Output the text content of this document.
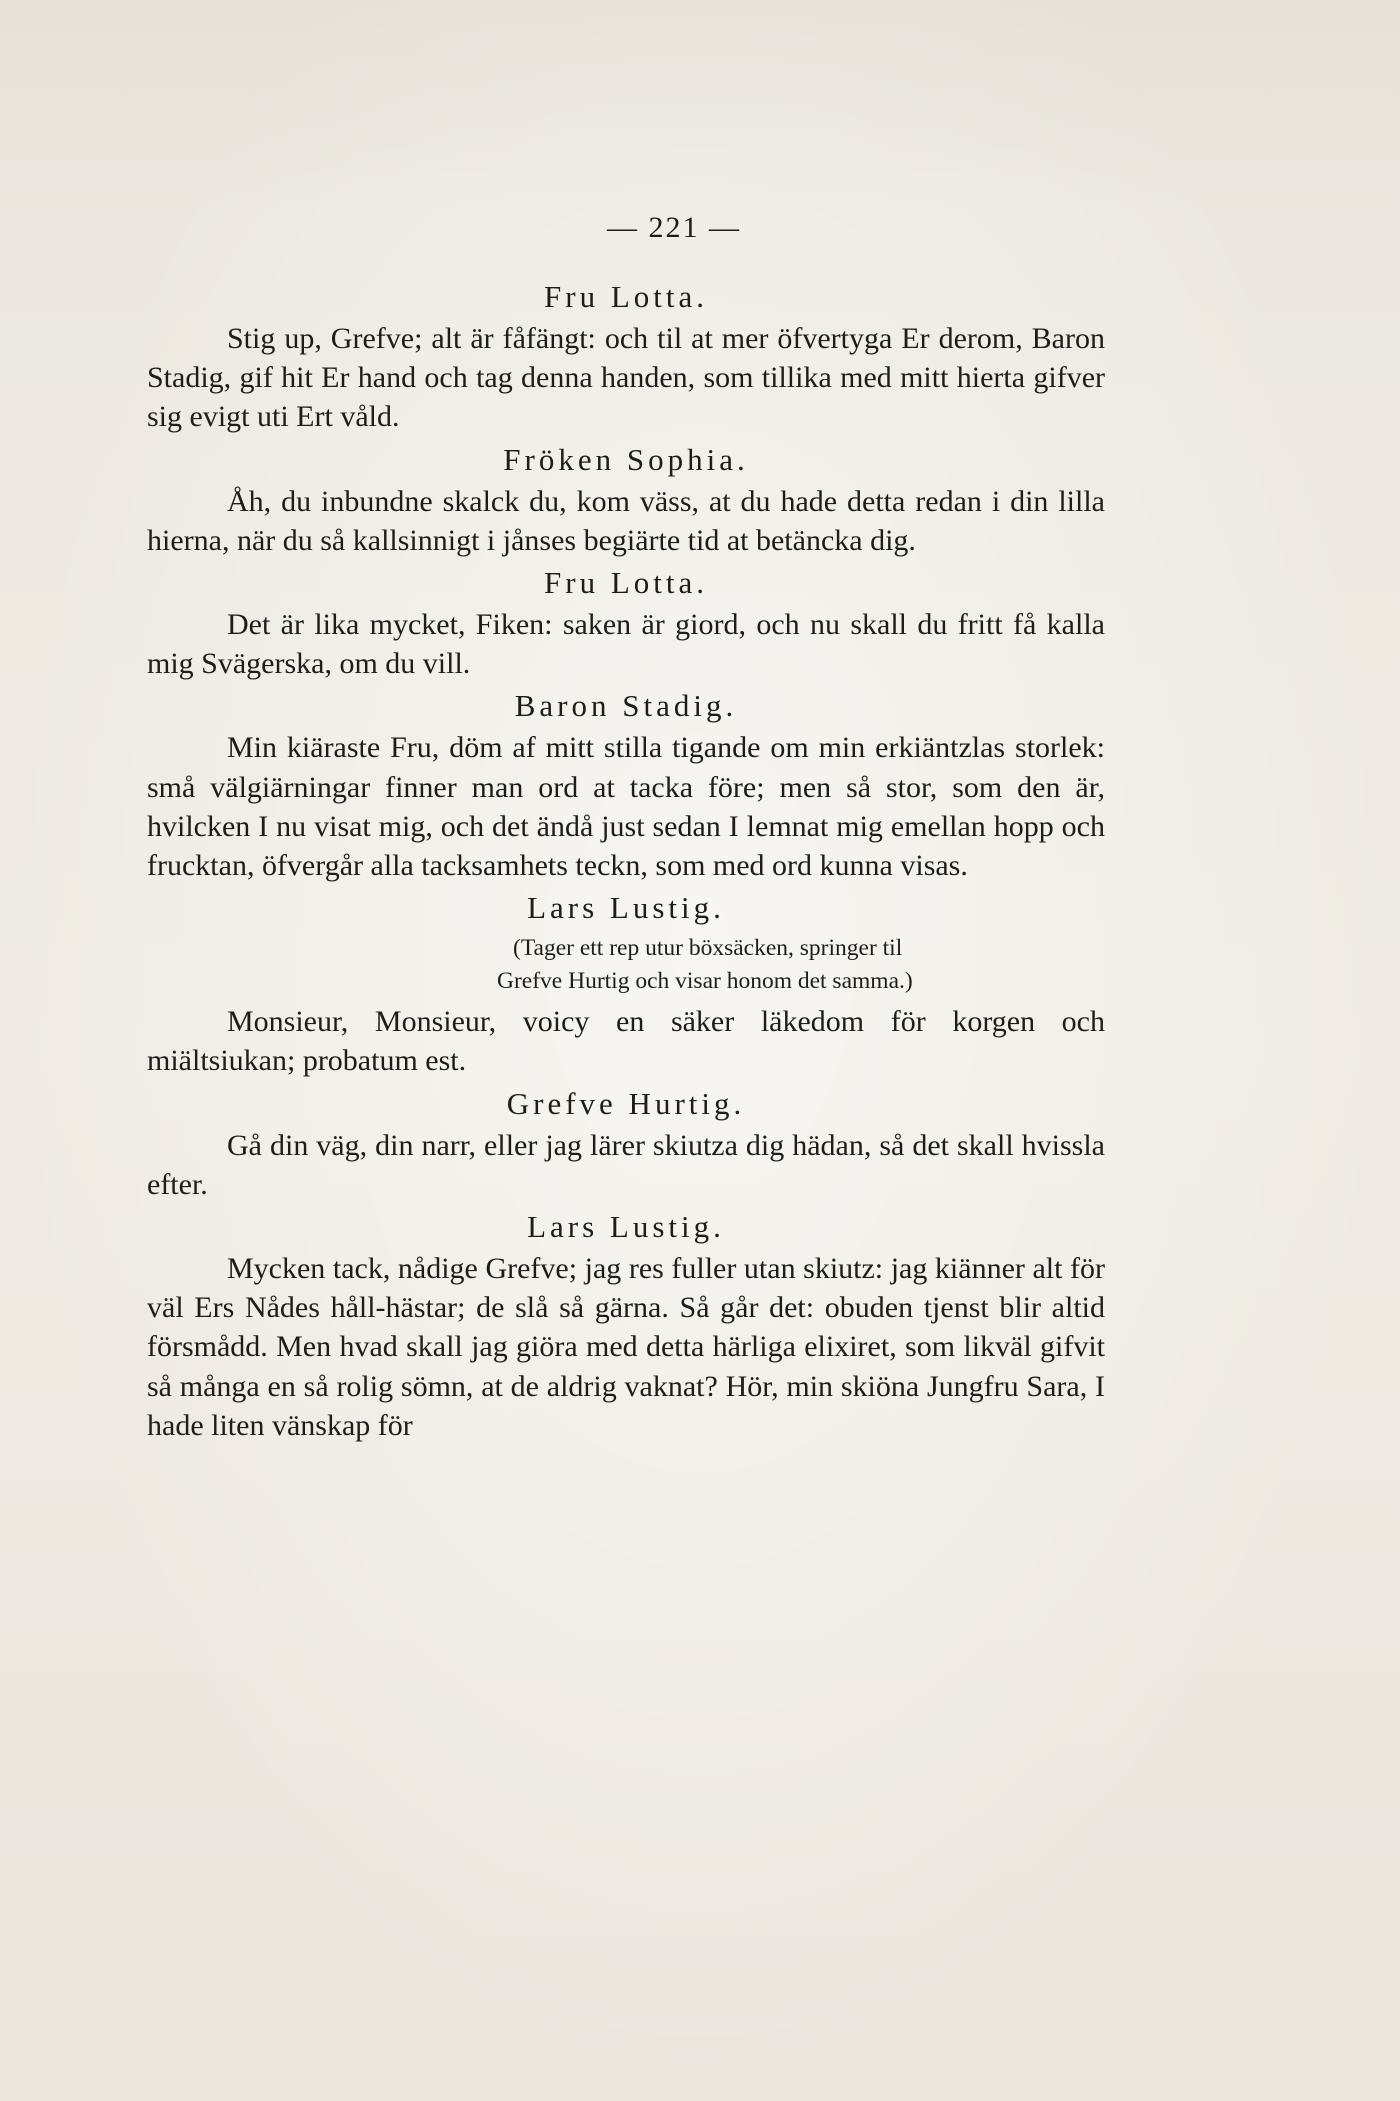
— 221 —
Fru Lotta.
Stig up, Grefve; alt är fåfängt: och til at mer öfvertyga Er derom, Baron Stadig, gif hit Er hand och tag denna handen, som tillika med mitt hierta gifver sig evigt uti Ert våld.
Fröken Sophia.
Åh, du inbundne skalck du, kom väss, at du hade detta redan i din lilla hierna, när du så kallsinnigt i jånses begiärte tid at betäncka dig.
Fru Lotta.
Det är lika mycket, Fiken: saken är giord, och nu skall du fritt få kalla mig Svägerska, om du vill.
Baron Stadig.
Min kiäraste Fru, döm af mitt stilla tigande om min erkiäntzlas storlek: små välgiärningar finner man ord at tacka före; men så stor, som den är, hvilcken I nu visat mig, och det ändå just sedan I lemnat mig emellan hopp och frucktan, öfvergår alla tacksamhets teckn, som med ord kunna visas.
Lars Lustig.
(Tager ett rep utur böxsäcken, springer til
Grefve Hurtig och visar honom det samma.)
Monsieur, Monsieur, voicy en säker läkedom för korgen och miältsiukan; probatum est.
Grefve Hurtig.
Gå din väg, din narr, eller jag lärer skiutza dig hädan, så det skall hvissla efter.
Lars Lustig.
Mycken tack, nådige Grefve; jag res fuller utan skiutz: jag kiänner alt för väl Ers Nådes håll-hästar; de slå så gärna. Så går det: obuden tjenst blir altid försmådd. Men hvad skall jag giöra med detta härliga elixiret, som likväl gifvit så många en så rolig sömn, at de aldrig vaknat? Hör, min skiöna Jungfru Sara, I hade liten vänskap för
